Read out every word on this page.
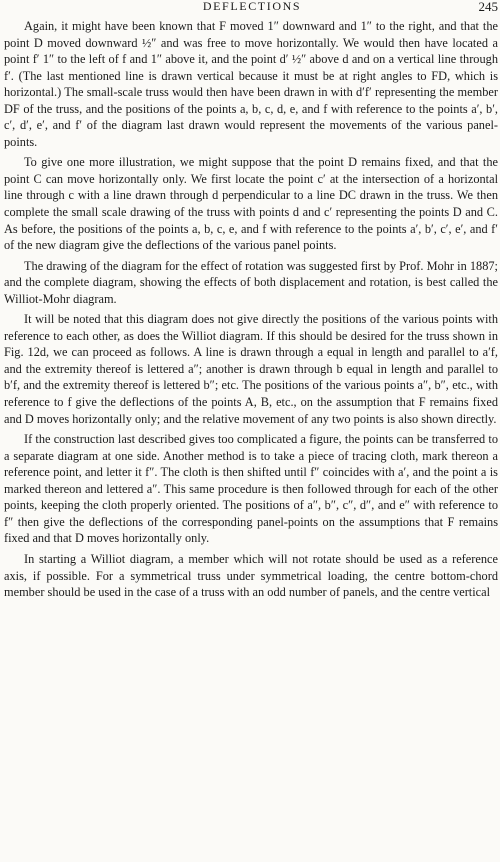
DEFLECTIONS	245

Again, it might have been known that F moved 1″ downward and 1″ to the right, and that the point D moved downward ½″ and was free to move horizontally. We would then have located a point f′ 1″ to the left of f and 1″ above it, and the point d′ ½″ above d and on a vertical line through f′. (The last mentioned line is drawn vertical because it must be at right angles to FD, which is horizontal.) The small-scale truss would then have been drawn in with d′f′ representing the member DF of the truss, and the positions of the points a, b, c, d, e, and f with reference to the points a′, b′, c′, d′, e′, and f′ of the diagram last drawn would represent the movements of the various panel-points.

To give one more illustration, we might suppose that the point D remains fixed, and that the point C can move horizontally only. We first locate the point c′ at the intersection of a horizontal line through c with a line drawn through d perpendicular to a line DC drawn in the truss. We then complete the small scale drawing of the truss with points d and c′ representing the points D and C. As before, the positions of the points a, b, c, e, and f with reference to the points a′, b′, c′, e′, and f′ of the new diagram give the deflections of the various panel points.

The drawing of the diagram for the effect of rotation was suggested first by Prof. Mohr in 1887; and the complete diagram, showing the effects of both displacement and rotation, is best called the Williot-Mohr diagram.

It will be noted that this diagram does not give directly the positions of the various points with reference to each other, as does the Williot diagram. If this should be desired for the truss shown in Fig. 12d, we can proceed as follows. A line is drawn through a equal in length and parallel to a′f, and the extremity thereof is lettered a″; another is drawn through b equal in length and parallel to b′f, and the extremity thereof is lettered b″; etc. The positions of the various points a″, b″, etc., with reference to f give the deflections of the points A, B, etc., on the assumption that F remains fixed and D moves horizontally only; and the relative movement of any two points is also shown directly.

If the construction last described gives too complicated a figure, the points can be transferred to a separate diagram at one side. Another method is to take a piece of tracing cloth, mark thereon a reference point, and letter it f″. The cloth is then shifted until f″ coincides with a′, and the point a is marked thereon and lettered a″. This same procedure is then followed through for each of the other points, keeping the cloth properly oriented. The positions of a″, b″, c″, d″, and e″ with reference to f″ then give the deflections of the corresponding panel-points on the assumptions that F remains fixed and that D moves horizontally only.

In starting a Williot diagram, a member which will not rotate should be used as a reference axis, if possible. For a symmetrical truss under symmetrical loading, the centre bottom-chord member should be used in the case of a truss with an odd number of panels, and the centre vertical
